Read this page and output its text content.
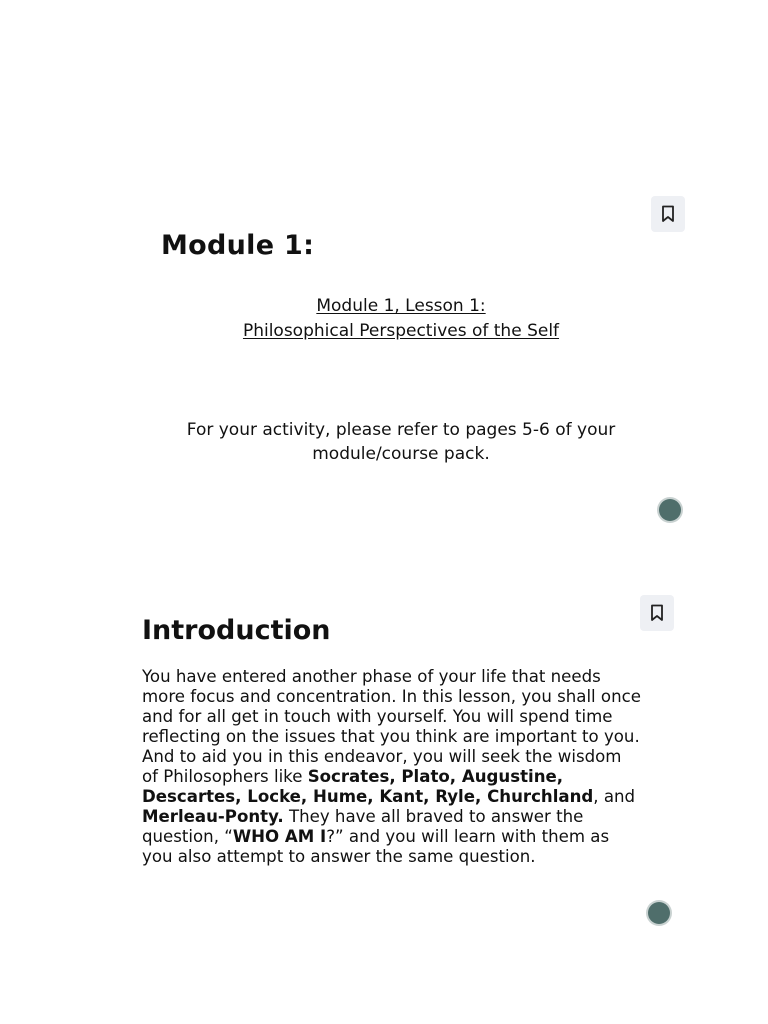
Module 1:
Module 1, Lesson 1:
Philosophical Perspectives of the Self

For your activity, please refer to pages 5-6 of your module/course pack.

Introduction

You have entered another phase of your life that needs more focus and concentration. In this lesson, you shall once and for all get in touch with yourself. You will spend time reflecting on the issues that you think are important to you. And to aid you in this endeavor, you will seek the wisdom of Philosophers like Socrates, Plato, Augustine, Descartes, Locke, Hume, Kant, Ryle, Churchland, and Merleau-Ponty. They have all braved to answer the question, “WHO AM I?” and you will learn with them as you also attempt to answer the same question.
